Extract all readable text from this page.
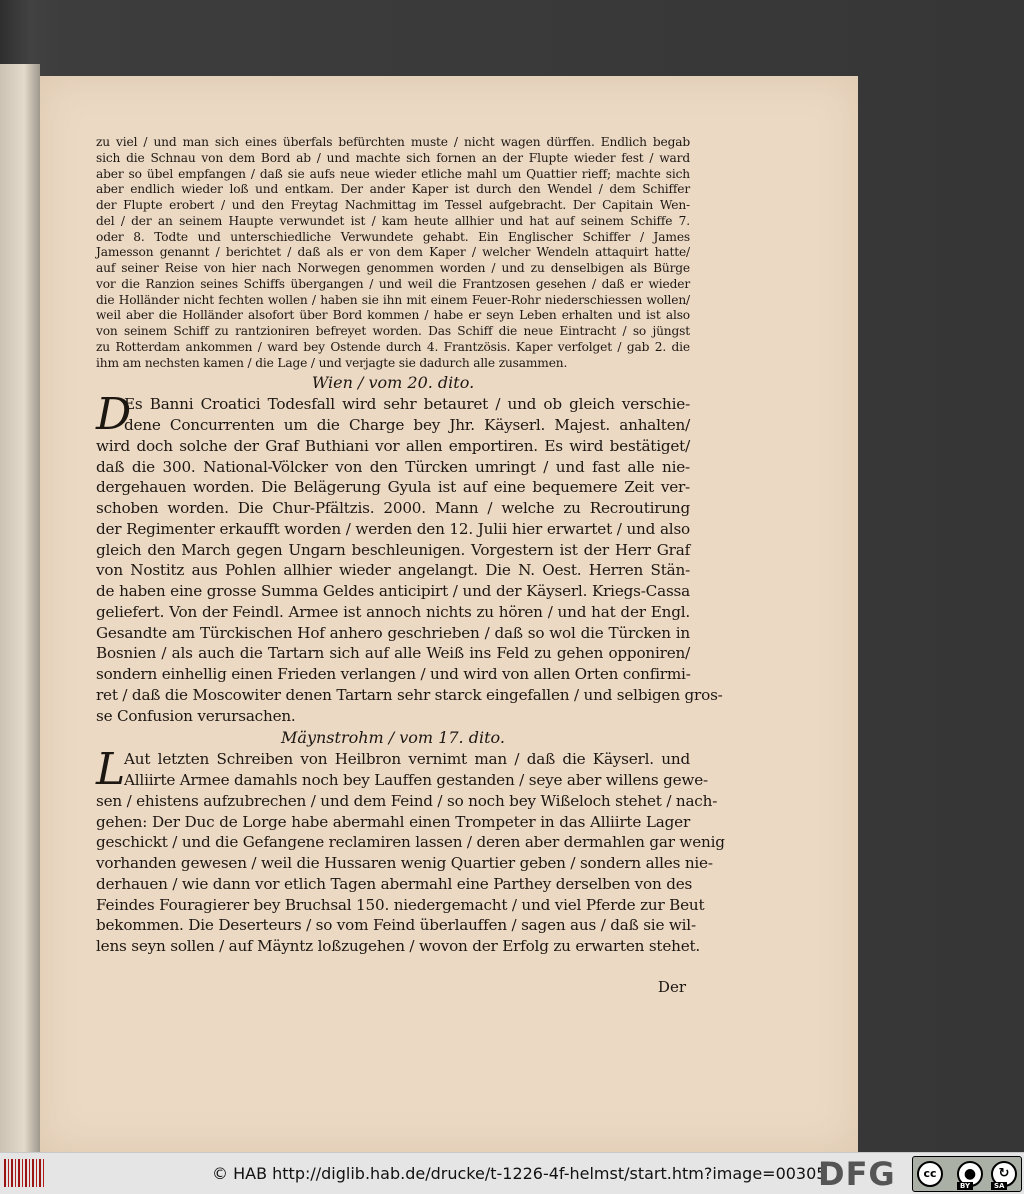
zu viel / und man sich eines überfals befürchten muste / nicht wagen dürffen. Endlich begab
sich die Schnau von dem Bord ab / und machte sich fornen an der Flupte wieder fest / ward
aber so übel empfangen / daß sie aufs neue wieder etliche mahl um Quattier rieff; machte sich
aber endlich wieder loß und entkam. Der ander Kaper ist durch den Wendel / dem Schiffer
der Flupte erobert / und den Freytag Nachmittag im Tessel aufgebracht. Der Capitain Wen-
del / der an seinem Haupte verwundet ist / kam heute allhier und hat auf seinem Schiffe 7.
oder 8. Todte und unterschiedliche Verwundete gehabt. Ein Englischer Schiffer / James
Jamesson genannt / berichtet / daß als er von dem Kaper / welcher Wendeln attaquirt hatte/
auf seiner Reise von hier nach Norwegen genommen worden / und zu denselbigen als Bürge
vor die Ranzion seines Schiffs übergangen / und weil die Frantzosen gesehen / daß er wieder
die Holländer nicht fechten wollen / haben sie ihn mit einem Feuer-Rohr niederschiessen wollen/
weil aber die Holländer alsofort über Bord kommen / habe er seyn Leben erhalten und ist also
von seinem Schiff zu rantzioniren befreyet worden. Das Schiff die neue Eintracht / so jüngst
zu Rotterdam ankommen / ward bey Ostende durch 4. Frantzösis. Kaper verfolget / gab 2. die
ihm am nechsten kamen / die Lage / und verjagte sie dadurch alle zusammen.
Wien / vom 20. dito.
D
Es Banni Croatici Todesfall wird sehr betauret / und ob gleich verschie-
dene Concurrenten um die Charge bey Jhr. Käyserl. Majest. anhalten/
wird doch solche der Graf Buthiani vor allen emportiren. Es wird bestätiget/
daß die 300. National-Völcker von den Türcken umringt / und fast alle nie-
dergehauen worden. Die Belägerung Gyula ist auf eine bequemere Zeit ver-
schoben worden. Die Chur-Pfältzis. 2000. Mann / welche zu Recroutirung
der Regimenter erkaufft worden / werden den 12. Julii hier erwartet / und also
gleich den March gegen Ungarn beschleunigen. Vorgestern ist der Herr Graf
von Nostitz aus Pohlen allhier wieder angelangt. Die N. Oest. Herren Stän-
de haben eine grosse Summa Geldes anticipirt / und der Käyserl. Kriegs-Cassa
geliefert. Von der Feindl. Armee ist annoch nichts zu hören / und hat der Engl.
Gesandte am Türckischen Hof anhero geschrieben / daß so wol die Türcken in
Bosnien / als auch die Tartarn sich auf alle Weiß ins Feld zu gehen opponiren/
sondern einhellig einen Frieden verlangen / und wird von allen Orten confirmi-
ret / daß die Moscowiter denen Tartarn sehr starck eingefallen / und selbigen gros-
se Confusion verursachen.
Mäynstrohm / vom 17. dito.
L
Aut letzten Schreiben von Heilbron vernimt man / daß die Käyserl. und
Alliirte Armee damahls noch bey Lauffen gestanden / seye aber willens gewe-
sen / ehistens aufzubrechen / und dem Feind / so noch bey Wißeloch stehet / nach-
gehen: Der Duc de Lorge habe abermahl einen Trompeter in das Alliirte Lager
geschickt / und die Gefangene reclamiren lassen / deren aber dermahlen gar wenig
vorhanden gewesen / weil die Hussaren wenig Quartier geben / sondern alles nie-
derhauen / wie dann vor etlich Tagen abermahl eine Parthey derselben von des
Feindes Fouragierer bey Bruchsal 150. niedergemacht / und viel Pferde zur Beut
bekommen. Die Deserteurs / so vom Feind überlauffen / sagen aus / daß sie wil-
lens seyn sollen / auf Mäyntz loßzugehen / wovon der Erfolg zu erwarten stehet.
Der
© HAB http://diglib.hab.de/drucke/t-1226-4f-helmst/start.htm?image=00305
DFG	cc	●	↻
BY	SA
